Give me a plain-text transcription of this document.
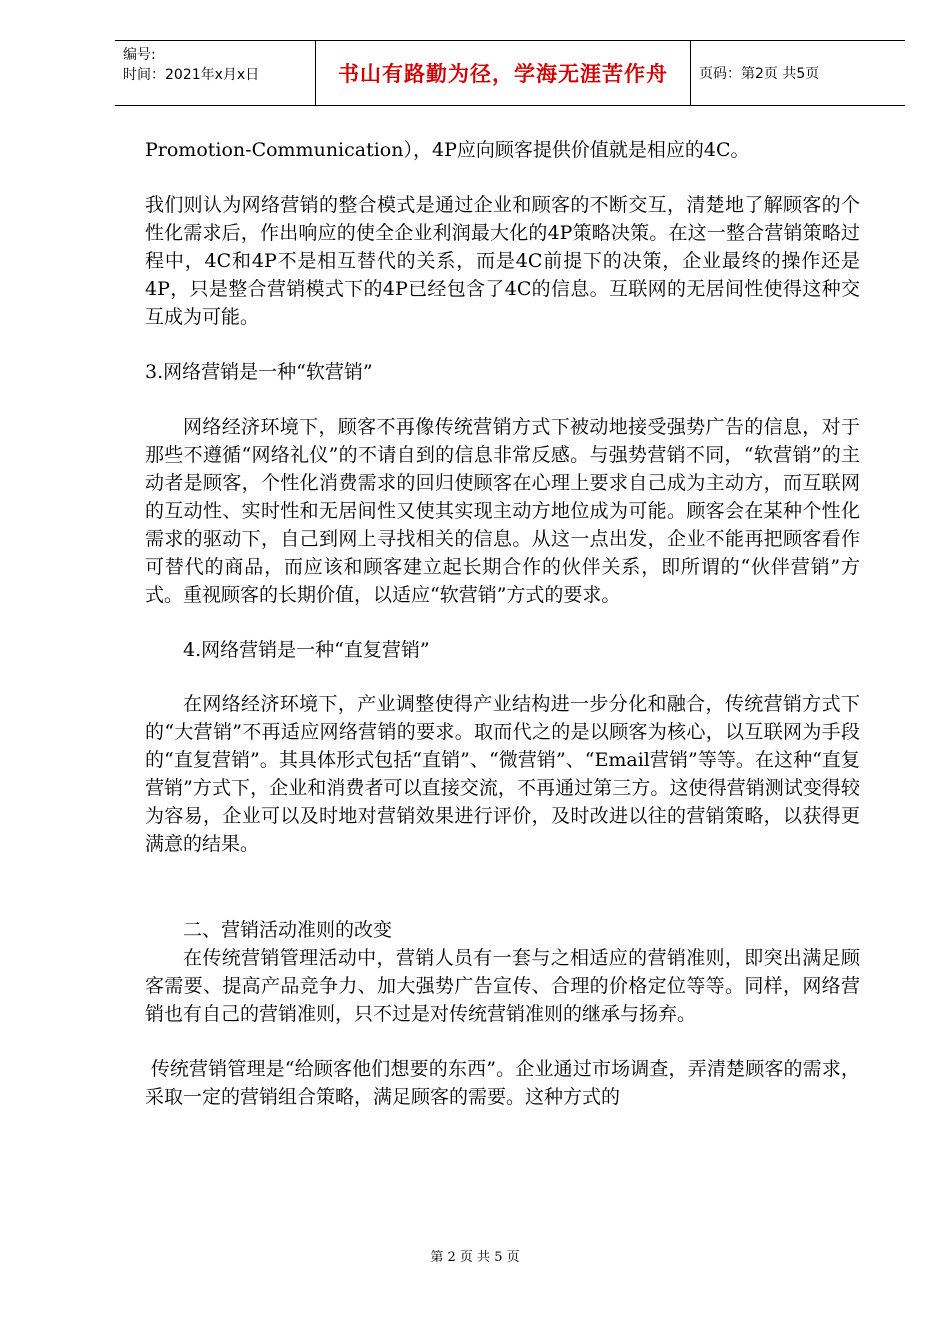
编号:
时间：2021年x月x日	书山有路勤为径，学海无涯苦作舟	页码：第2页 共5页

Promotion-Communication），4P应向顾客提供价值就是相应的4C。

我们则认为网络营销的整合模式是通过企业和顾客的不断交互，清楚地了解顾客的个性化需求后，作出响应的使全企业利润最大化的4P策略决策。在这一整合营销策略过程中，4C和4P不是相互替代的关系，而是4C前提下的决策，企业最终的操作还是4P，只是整合营销模式下的4P已经包含了4C的信息。互联网的无居间性使得这种交互成为可能。

3.网络营销是一种“软营销”

网络经济环境下，顾客不再像传统营销方式下被动地接受强势广告的信息，对于那些不遵循“网络礼仪”的不请自到的信息非常反感。与强势营销不同，“软营销”的主动者是顾客，个性化消费需求的回归使顾客在心理上要求自己成为主动方，而互联网的互动性、实时性和无居间性又使其实现主动方地位成为可能。顾客会在某种个性化需求的驱动下，自己到网上寻找相关的信息。从这一点出发，企业不能再把顾客看作可替代的商品，而应该和顾客建立起长期合作的伙伴关系，即所谓的“伙伴营销”方式。重视顾客的长期价值，以适应“软营销”方式的要求。

4.网络营销是一种“直复营销”

在网络经济环境下，产业调整使得产业结构进一步分化和融合，传统营销方式下的“大营销”不再适应网络营销的要求。取而代之的是以顾客为核心，以互联网为手段的“直复营销”。其具体形式包括“直销”、“微营销”、“Email营销”等等。在这种“直复营销”方式下，企业和消费者可以直接交流，不再通过第三方。这使得营销测试变得较为容易，企业可以及时地对营销效果进行评价，及时改进以往的营销策略，以获得更满意的结果。

二、营销活动准则的改变

在传统营销管理活动中，营销人员有一套与之相适应的营销准则，即突出满足顾客需要、提高产品竞争力、加大强势广告宣传、合理的价格定位等等。同样，网络营销也有自己的营销准则，只不过是对传统营销准则的继承与扬弃。

传统营销管理是“给顾客他们想要的东西”。企业通过市场调查，弄清楚顾客的需求，采取一定的营销组合策略，满足顾客的需要。这种方式的

第 2 页 共 5 页
